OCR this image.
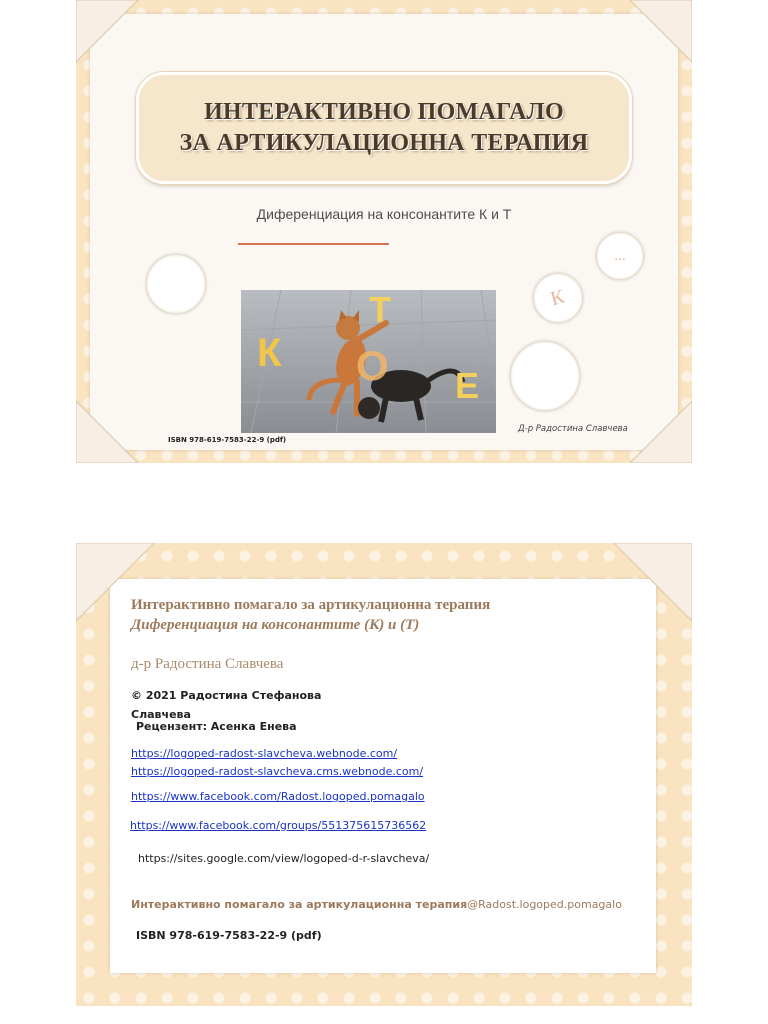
ИНТЕРАКТИВНО ПОМАГАЛО
ЗА АРТИКУЛАЦИОННА ТЕРАПИЯ
Диференциация на консонантите К и Т
...
К
К
Т
О Е
ISBN 978-619-7583-22-9 (pdf)
Д-р Радостина Славчева
Интерактивно помагало за артикулационна терапия
Диференциация на консонантите (К) и (Т)
д-р Радостина Славчева
© 2021 Радостина Стефанова
Славчева
Рецензент: Асенка Енева
https://logoped-radost-slavcheva.webnode.com/
https://logoped-radost-slavcheva.cms.webnode.com/
https://www.facebook.com/Radost.logoped.pomagalo
https://www.facebook.com/groups/551375615736562
https://sites.google.com/view/logoped-d-r-slavcheva/
Интерактивно помагало за артикулационна терапия@Radost.logoped.pomagalo
ISBN 978-619-7583-22-9 (pdf)
